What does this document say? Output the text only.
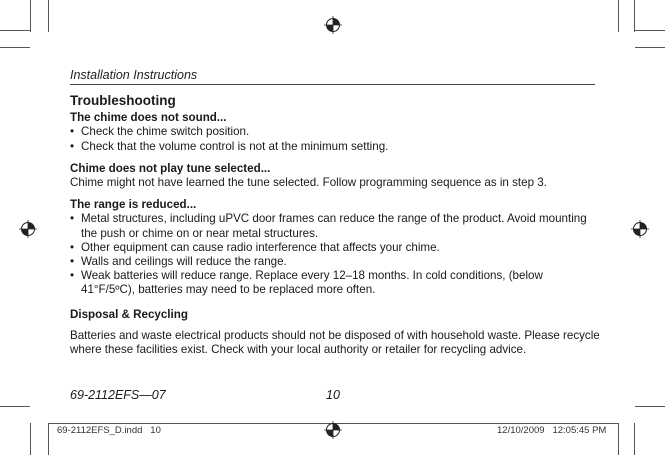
Installation Instructions
Troubleshooting
The chime does not sound...
• Check the chime switch position.
• Check that the volume control is not at the minimum setting.
Chime does not play tune selected...

Chime might not have learned the tune selected. Follow programming sequence as in step 3.

The range is reduced...
• Metal structures, including uPVC door frames can reduce the range of the product. Avoid mounting the push or chime on or near metal structures.
• Other equipment can cause radio interference that affects your chime.
• Walls and ceilings will reduce the range.
• Weak batteries will reduce range. Replace every 12–18 months. In cold conditions, (below 41°F/5ºC), batteries may need to be replaced more often.
Disposal & Recycling

Batteries and waste electrical products should not be disposed of with household waste. Please recycle where these facilities exist. Check with your local authority or retailer for recycling advice.

69-2112EFS—07	10
69-2112EFS_D.indd   10	12/10/2009   12:05:45 PM
